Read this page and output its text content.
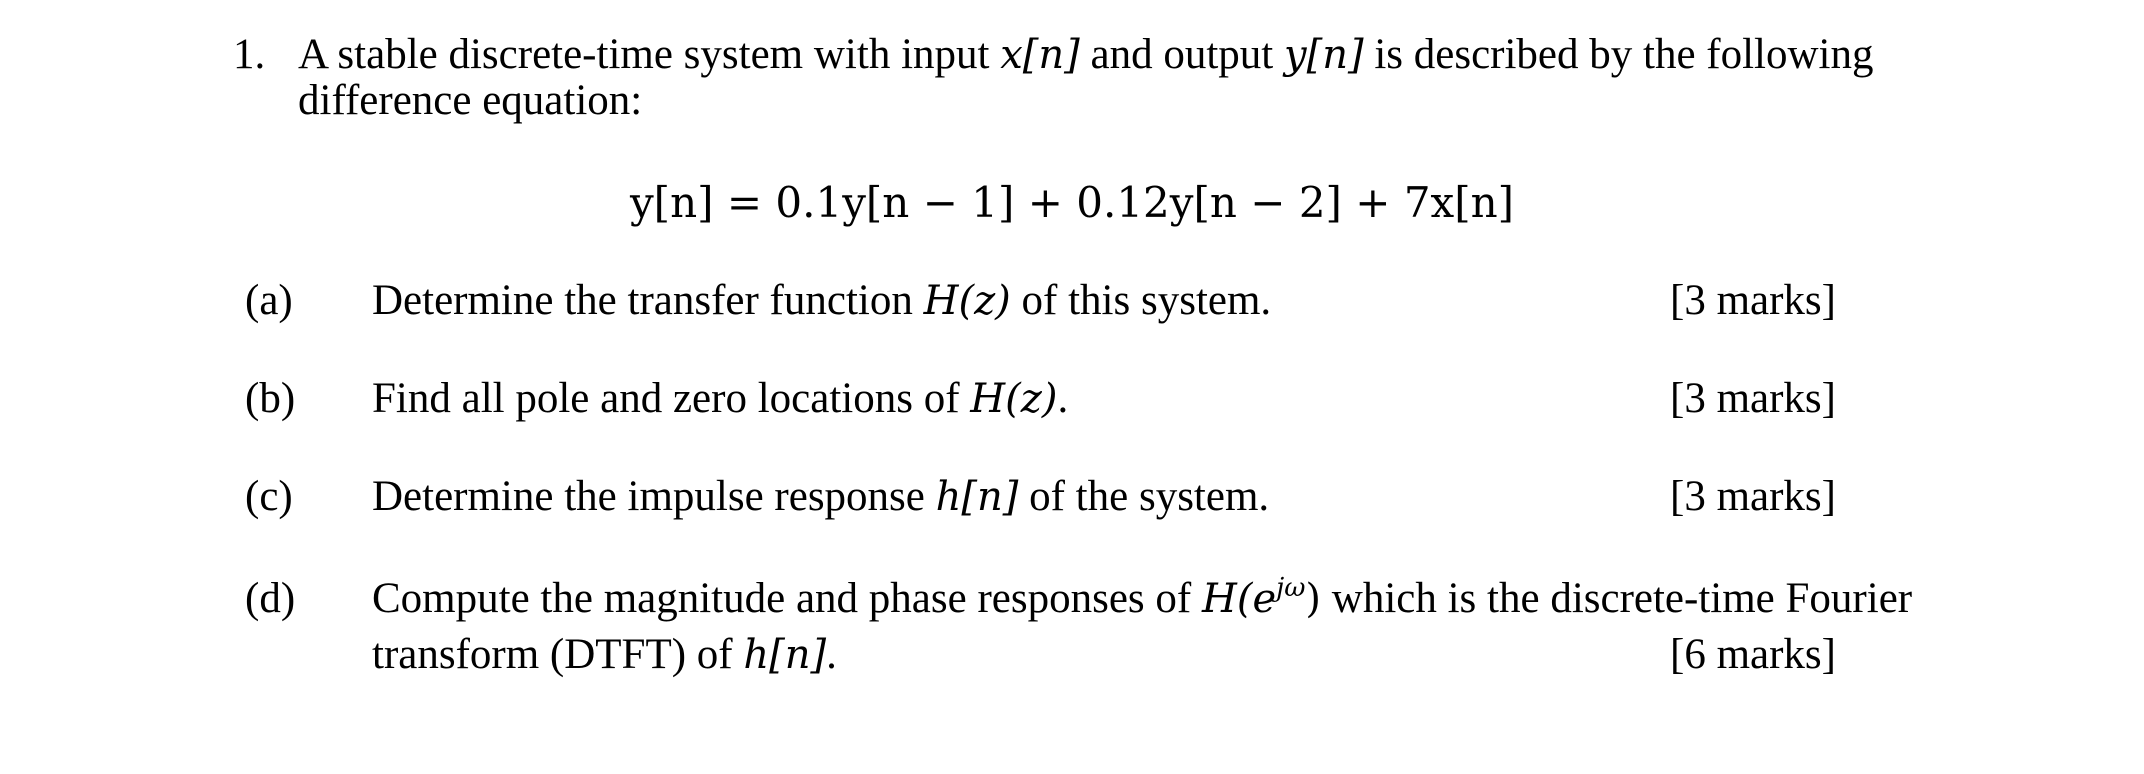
1. A stable discrete-time system with input x[n] and output y[n] is described by the following
difference equation:
y[n] = 0.1y[n − 1] + 0.12y[n − 2] + 7x[n]
(a) Determine the transfer function H(z) of this system.	[3 marks]
(b) Find all pole and zero locations of H(z).	[3 marks]
(c) Determine the impulse response h[n] of the system.	[3 marks]
(d) Compute the magnitude and phase responses of $H(e^{j\omega})$ which is the discrete-time Fourier
transform (DTFT) of h[n].	[6 marks]
